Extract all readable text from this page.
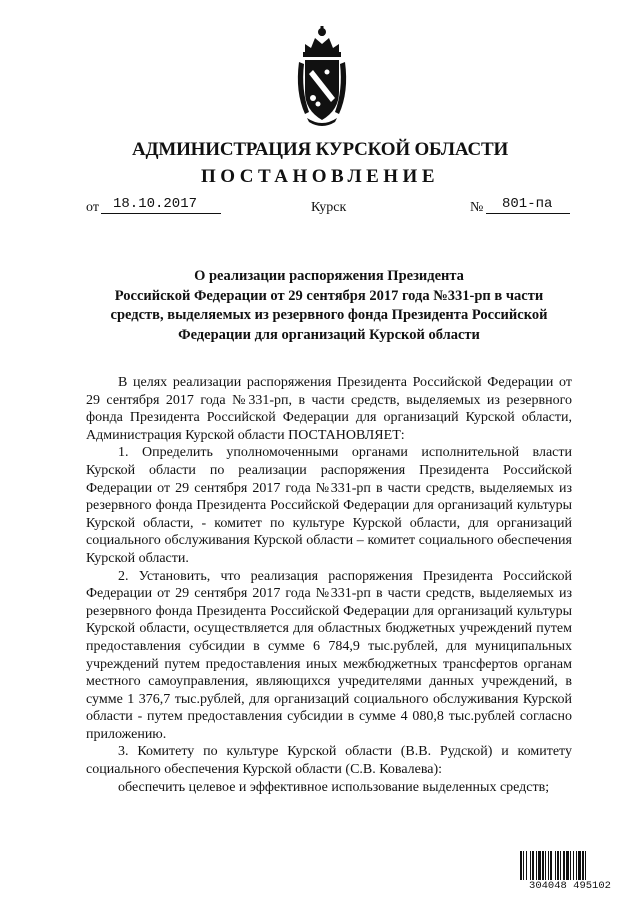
АДМИНИСТРАЦИЯ КУРСКОЙ ОБЛАСТИ
ПОСТАНОВЛЕНИЕ
от	18.10.2017	Курск	№	801-па
О реализации распоряжения Президента
Российской Федерации от 29 сентября 2017 года №331-рп в части
средств, выделяемых из резервного фонда Президента Российской
Федерации для организаций Курской области

В целях реализации распоряжения Президента Российской Федерации от 29 сентября 2017 года №331-рп, в части средств, выделяемых из резервного фонда Президента Российской Федерации для организаций Курской области, Администрация Курской области ПОСТАНОВЛЯЕТ:

1. Определить уполномоченными органами исполнительной власти Курской области по реализации распоряжения Президента Российской Федерации от 29 сентября 2017 года №331-рп в части средств, выделяемых из резервного фонда Президента Российской Федерации для организаций культуры Курской области, - комитет по культуре Курской области, для организаций социального обслуживания Курской области – комитет социального обеспечения Курской области.

2. Установить, что реализация распоряжения Президента Российской Федерации от 29 сентября 2017 года №331-рп в части средств, выделяемых из резервного фонда Президента Российской Федерации для организаций культуры Курской области, осуществляется для областных бюджетных учреждений путем предоставления субсидии в сумме 6 784,9 тыс.рублей, для муниципальных учреждений путем предоставления иных межбюджетных трансфертов органам местного самоуправления, являющихся учредителями данных учреждений, в сумме 1 376,7 тыс.рублей, для организаций социального обслуживания Курской области - путем предоставления субсидии в сумме 4 080,8 тыс.рублей согласно приложению.

3. Комитету по культуре Курской области (В.В. Рудской) и комитету социального обеспечения Курской области (С.В. Ковалева):

обеспечить целевое и эффективное использование выделенных средств;

304048 495102
